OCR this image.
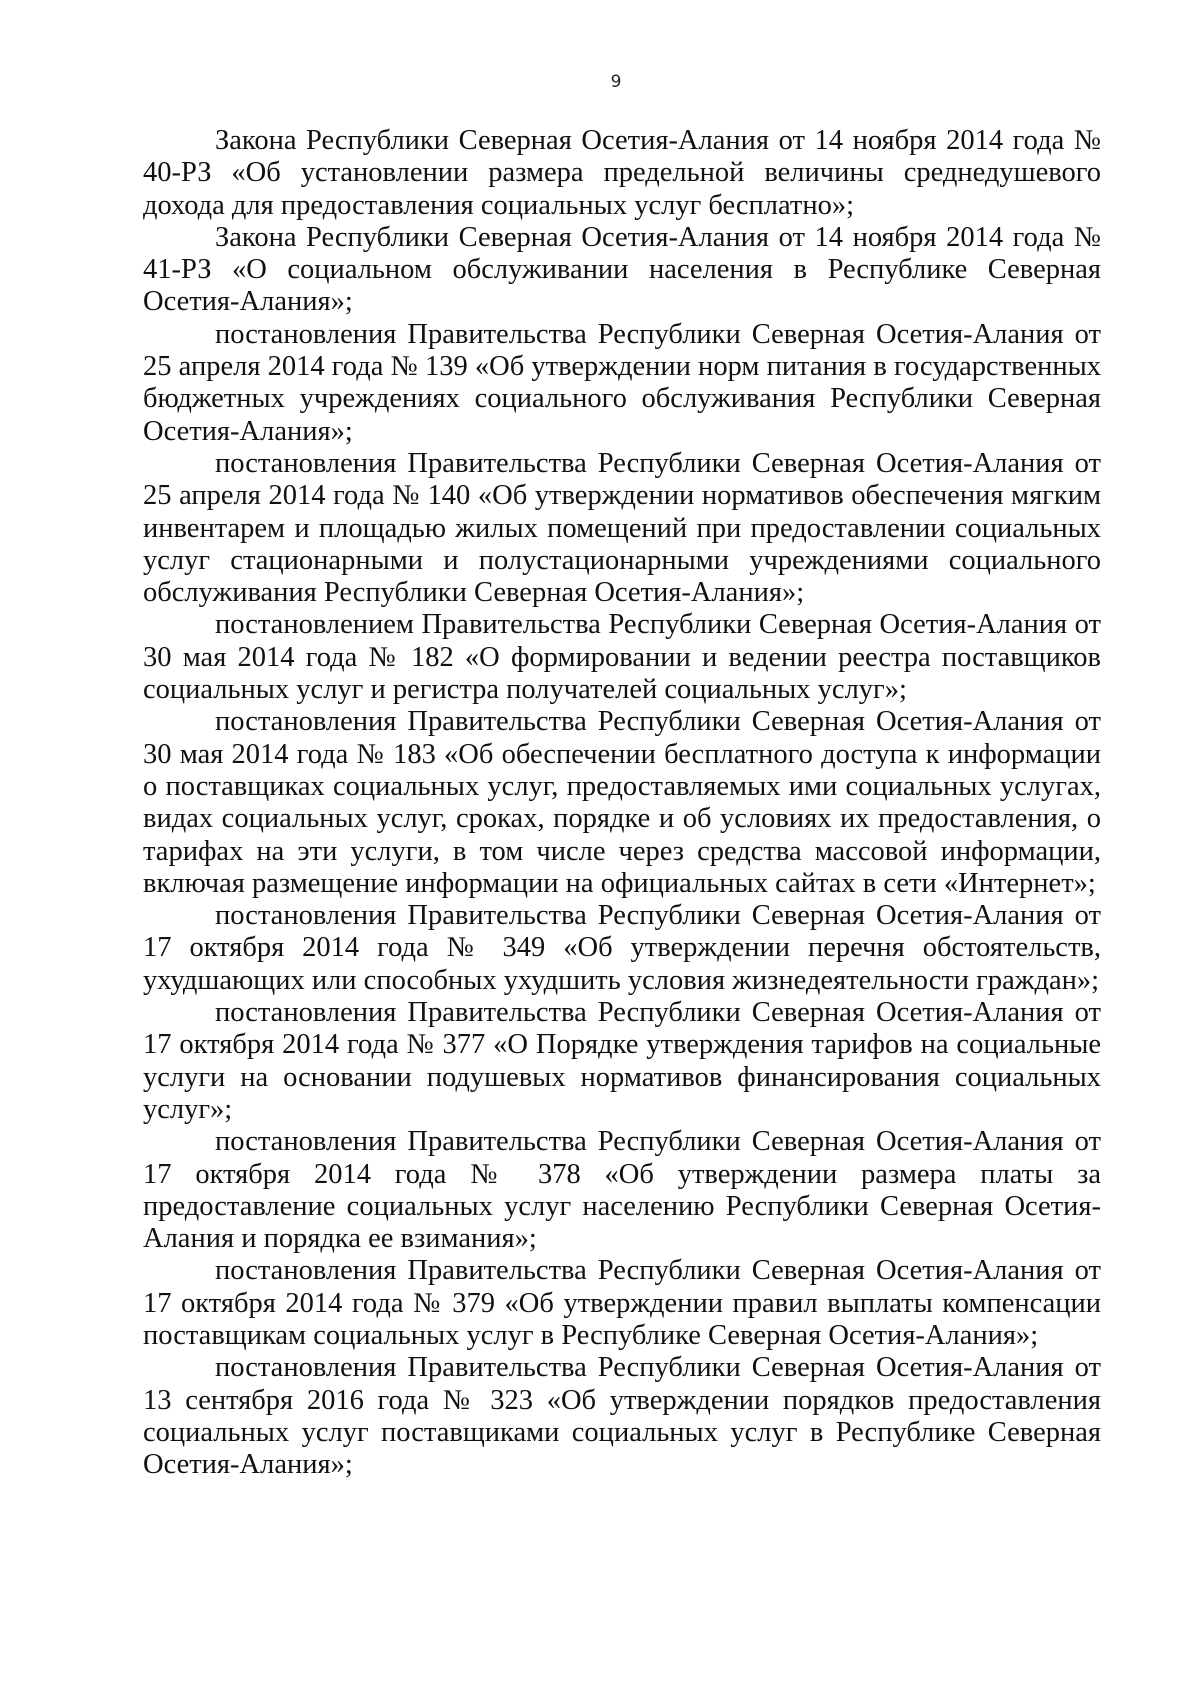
9

Закона Республики Северная Осетия-Алания от 14 ноября 2014 года № 40-РЗ «Об установлении размера предельной величины среднедушевого дохода для предоставления социальных услуг бесплатно»;

Закона Республики Северная Осетия-Алания от 14 ноября 2014 года № 41-РЗ «О социальном обслуживании населения в Республике Северная Осетия-Алания»;

постановления Правительства Республики Северная Осетия-Алания от 25 апреля 2014 года № 139 «Об утверждении норм питания в государственных бюджетных учреждениях социального обслуживания Республики Северная Осетия-Алания»;

постановления Правительства Республики Северная Осетия-Алания от 25 апреля 2014 года № 140 «Об утверждении нормативов обеспечения мягким инвентарем и площадью жилых помещений при предоставлении социальных услуг стационарными и полустационарными учреждениями социального обслуживания Республики Северная Осетия-Алания»;

постановлением Правительства Республики Северная Осетия-Алания от 30 мая 2014 года № 182 «О формировании и ведении реестра поставщиков социальных услуг и регистра получателей социальных услуг»;

постановления Правительства Республики Северная Осетия-Алания от 30 мая 2014 года № 183 «Об обеспечении бесплатного доступа к информации о поставщиках социальных услуг, предоставляемых ими социальных услугах, видах социальных услуг, сроках, порядке и об условиях их предоставления, о тарифах на эти услуги, в том числе через средства массовой информации, включая размещение информации на официальных сайтах в сети «Интернет»;

постановления Правительства Республики Северная Осетия-Алания от 17 октября 2014 года № 349 «Об утверждении перечня обстоятельств, ухудшающих или способных ухудшить условия жизнедеятельности граждан»;

постановления Правительства Республики Северная Осетия-Алания от 17 октября 2014 года № 377 «О Порядке утверждения тарифов на социальные услуги на основании подушевых нормативов финансирования социальных услуг»;

постановления Правительства Республики Северная Осетия-Алания от 17 октября 2014 года № 378 «Об утверждении размера платы за предоставление социальных услуг населению Республики Северная Осетия-Алания и порядка ее взимания»;

постановления Правительства Республики Северная Осетия-Алания от 17 октября 2014 года № 379 «Об утверждении правил выплаты компенсации поставщикам социальных услуг в Республике Северная Осетия-Алания»;

постановления Правительства Республики Северная Осетия-Алания от 13 сентября 2016 года № 323 «Об утверждении порядков предоставления социальных услуг поставщиками социальных услуг в Республике Северная Осетия-Алания»;
